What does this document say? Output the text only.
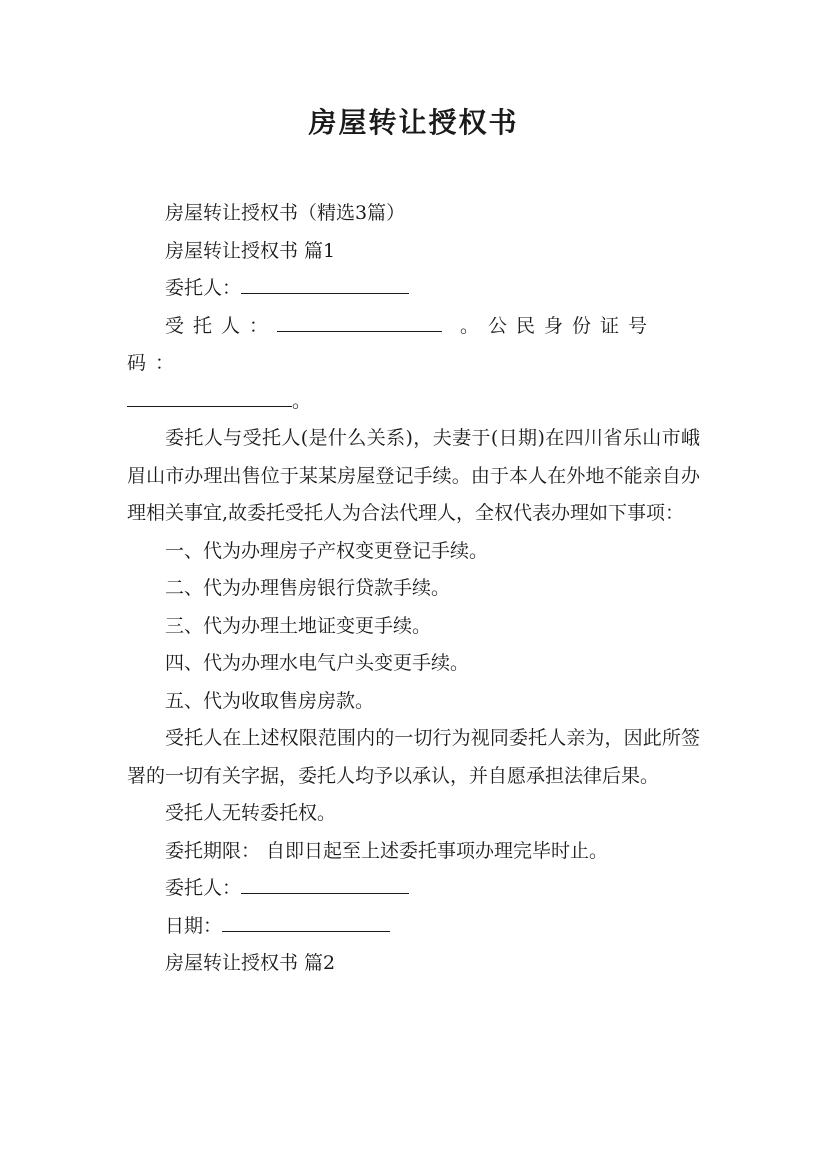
房屋转让授权书

房屋转让授权书（精选3篇）

房屋转让授权书 篇1

委托人：

受托人：	。公民身份证号码：

。

委托人与受托人(是什么关系)，夫妻于(日期)在四川省乐山市峨眉山市办理出售位于某某房屋登记手续。由于本人在外地不能亲自办理相关事宜,故委托受托人为合法代理人，全权代表办理如下事项：

一、代为办理房子产权变更登记手续。

二、代为办理售房银行贷款手续。

三、代为办理土地证变更手续。

四、代为办理水电气户头变更手续。

五、代为收取售房房款。

受托人在上述权限范围内的一切行为视同委托人亲为，因此所签署的一切有关字据，委托人均予以承认，并自愿承担法律后果。

受托人无转委托权。

委托期限： 自即日起至上述委托事项办理完毕时止。

委托人：

日期：

房屋转让授权书 篇2
